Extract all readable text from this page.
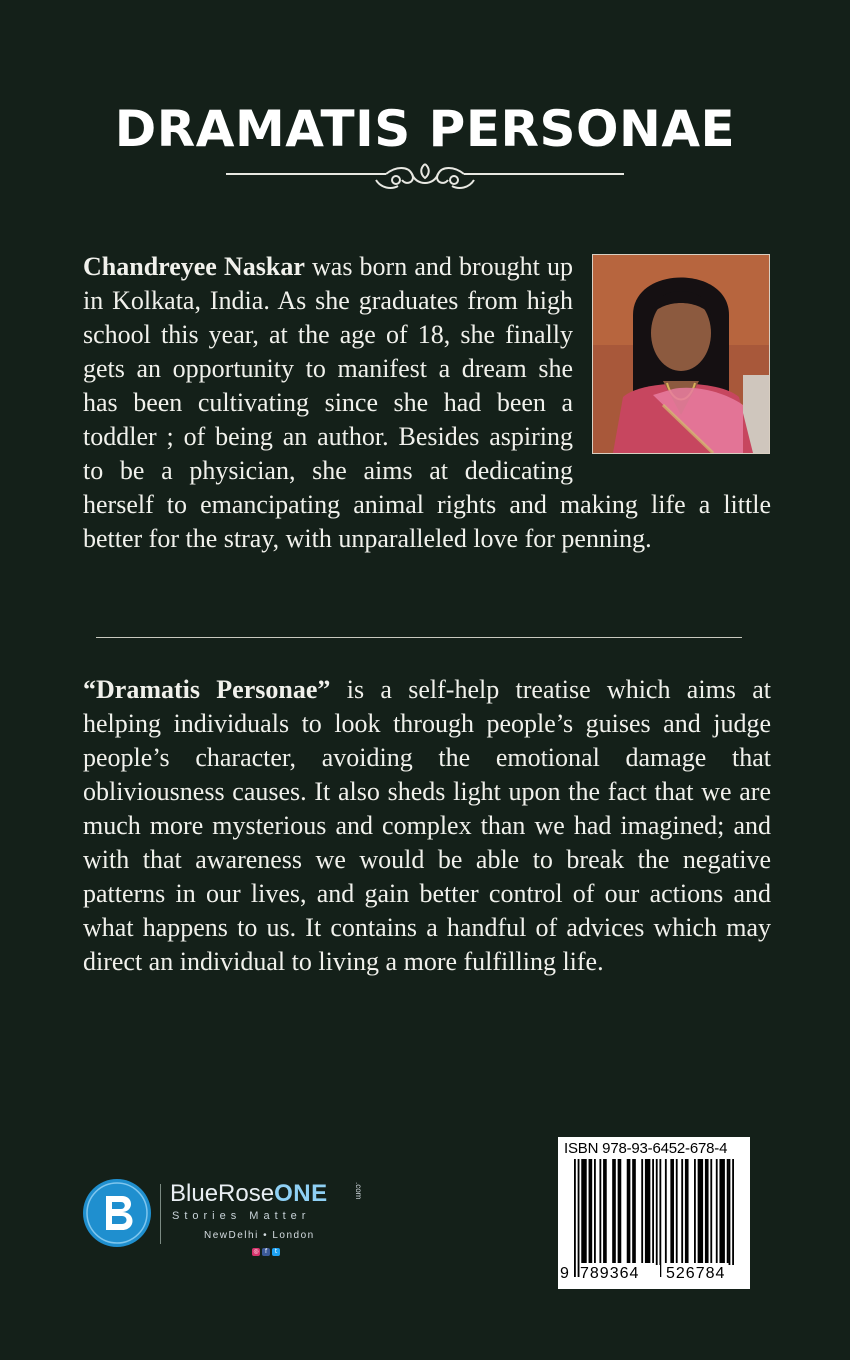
DRAMATIS PERSONAE

Chandreyee Naskar was born and brought up in Kolkata, India. As she graduates from high school this year, at the age of 18, she finally gets an opportunity to manifest a dream she has been cultivating since she had been a toddler ; of being an author. Besides aspiring to be a physician, she aims at dedicating herself to emancipating animal rights and making life a little better for the stray, with unparalleled love for penning.

“Dramatis Personae” is a self-help treatise which aims at helping individuals to look through people’s guises and judge people’s character, avoiding the emotional damage that obliviousness causes. It also sheds light upon the fact that we are much more mysterious and complex than we had imagined; and with that awareness we would be able to break the negative patterns in our lives, and gain better control of our actions and what happens to us. It contains a handful of advices which may direct an individual to living a more fulfilling life.

BlueRoseONE	.com
Stories Matter
NewDelhi • London
◎	f	t
ISBN 978-93-6452-678-4
9 789364	526784
